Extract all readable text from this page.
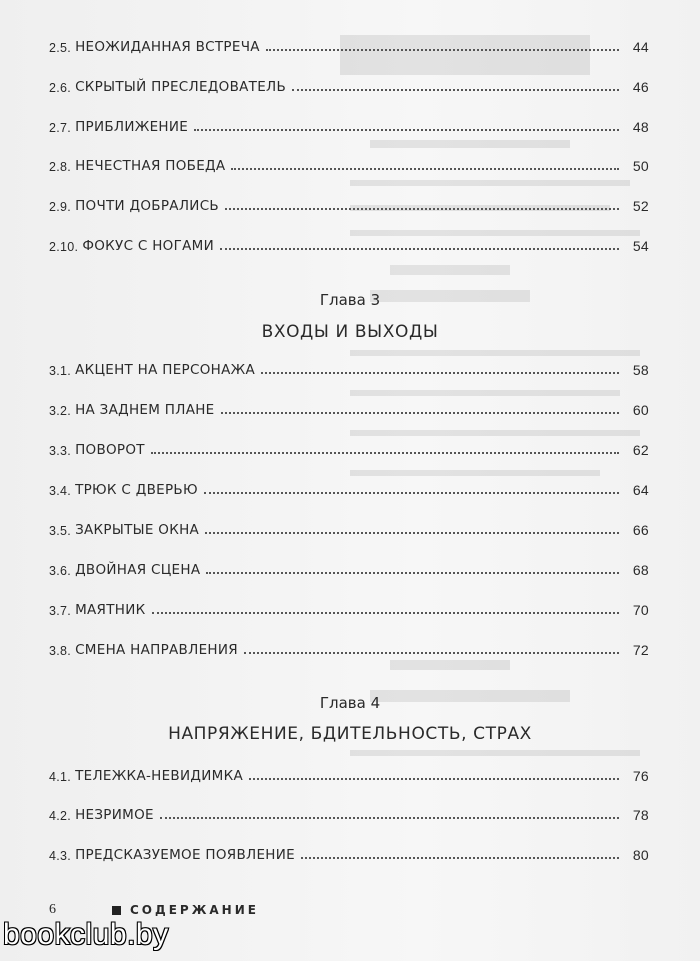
2.5. НЕОЖИДАННАЯ ВСТРЕЧА	44
2.6. СКРЫТЫЙ ПРЕСЛЕДОВАТЕЛЬ	46
2.7. ПРИБЛИЖЕНИЕ	48
2.8. НЕЧЕСТНАЯ ПОБЕДА	50
2.9. ПОЧТИ ДОБРАЛИСЬ	52
2.10. ФОКУС С НОГАМИ	54
Глава 3
ВХОДЫ И ВЫХОДЫ
3.1. АКЦЕНТ НА ПЕРСОНАЖА	58
3.2. НА ЗАДНЕМ ПЛАНЕ	60
3.3. ПОВОРОТ	62
3.4. ТРЮК С ДВЕРЬЮ	64
3.5. ЗАКРЫТЫЕ ОКНА	66
3.6. ДВОЙНАЯ СЦЕНА	68
3.7. МАЯТНИК	70
3.8. СМЕНА НАПРАВЛЕНИЯ	72
Глава 4
НАПРЯЖЕНИЕ, БДИТЕЛЬНОСТЬ, СТРАХ
4.1. ТЕЛЕЖКА-НЕВИДИМКА	76
4.2. НЕЗРИМОЕ	78
4.3. ПРЕДСКАЗУЕМОЕ ПОЯВЛЕНИЕ	80
6	СОДЕРЖАНИЕ
bookclub.by
